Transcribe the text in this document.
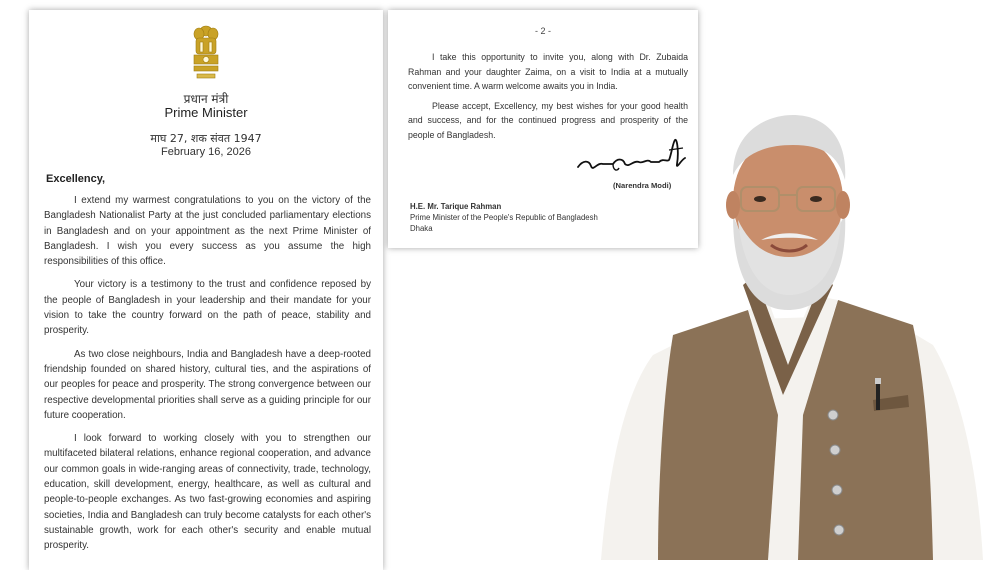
प्रधान मंत्री
Prime Minister
माघ 27, शक संवत 1947
February 16, 2026
Excellency,

I extend my warmest congratulations to you on the victory of the Bangladesh Nationalist Party at the just concluded parliamentary elections in Bangladesh and on your appointment as the next Prime Minister of Bangladesh. I wish you every success as you assume the high responsibilities of this office.

Your victory is a testimony to the trust and confidence reposed by the people of Bangladesh in your leadership and their mandate for your vision to take the country forward on the path of peace, stability and prosperity.

As two close neighbours, India and Bangladesh have a deep-rooted friendship founded on shared history, cultural ties, and the aspirations of our peoples for peace and prosperity. The strong convergence between our respective developmental priorities shall serve as a guiding principle for our future cooperation.

I look forward to working closely with you to strengthen our multifaceted bilateral relations, enhance regional cooperation, and advance our common goals in wide-ranging areas of connectivity, trade, technology, education, skill development, energy, healthcare, as well as cultural and people-to-people exchanges. As two fast-growing economies and aspiring societies, India and Bangladesh can truly become catalysts for each other's sustainable growth, work for each other's security and enable mutual prosperity.

- 2 -

I take this opportunity to invite you, along with Dr. Zubaida Rahman and your daughter Zaima, on a visit to India at a mutually convenient time. A warm welcome awaits you in India.

Please accept, Excellency, my best wishes for your good health and success, and for the continued progress and prosperity of the people of Bangladesh.

(Narendra Modi)
H.E. Mr. Tarique Rahman
Prime Minister of the People's Republic of Bangladesh
Dhaka
